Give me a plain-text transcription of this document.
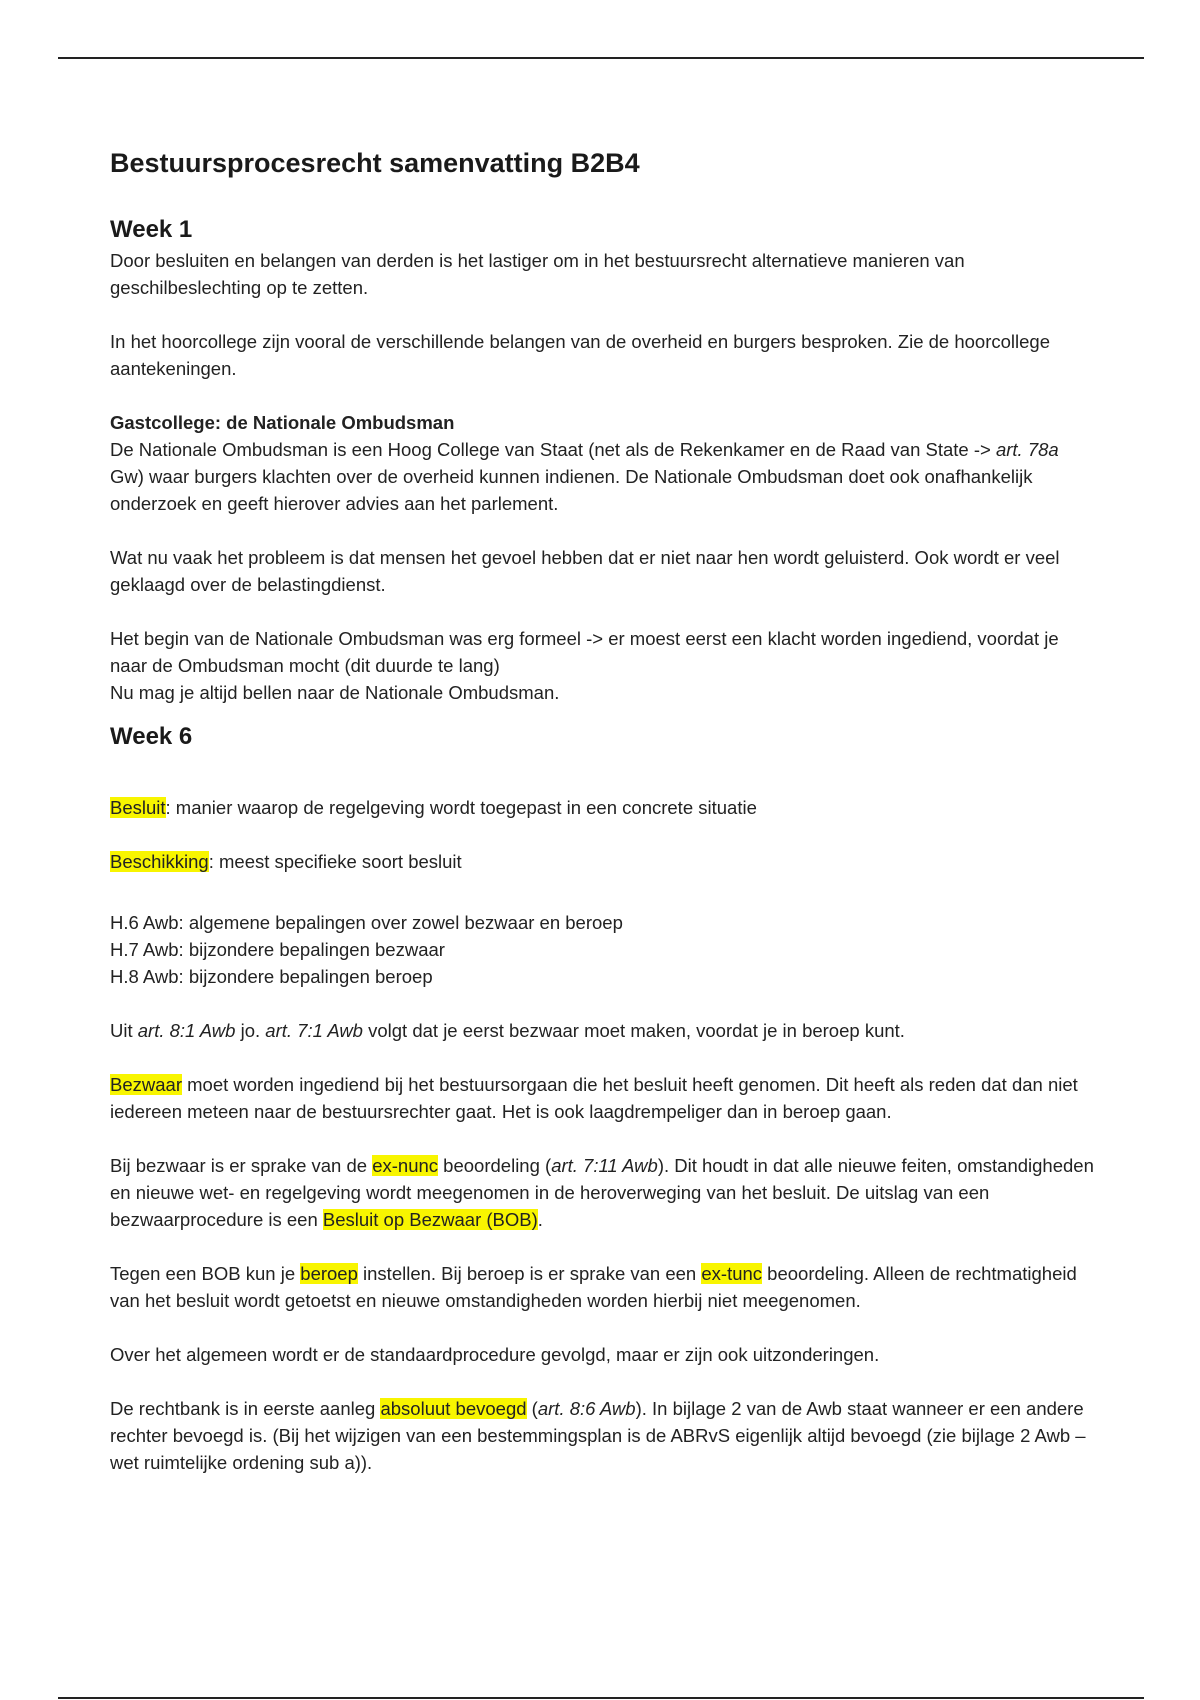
Bestuursprocesrecht samenvatting B2B4
Week 1

Door besluiten en belangen van derden is het lastiger om in het bestuursrecht alternatieve manieren van geschilbeslechting op te zetten.

In het hoorcollege zijn vooral de verschillende belangen van de overheid en burgers besproken. Zie de hoorcollege aantekeningen.

Gastcollege: de Nationale Ombudsman

De Nationale Ombudsman is een Hoog College van Staat (net als de Rekenkamer en de Raad van State -> art. 78a Gw) waar burgers klachten over de overheid kunnen indienen. De Nationale Ombudsman doet ook onafhankelijk onderzoek en geeft hierover advies aan het parlement.

Wat nu vaak het probleem is dat mensen het gevoel hebben dat er niet naar hen wordt geluisterd. Ook wordt er veel geklaagd over de belastingdienst.

Het begin van de Nationale Ombudsman was erg formeel -> er moest eerst een klacht worden ingediend, voordat je naar de Ombudsman mocht (dit duurde te lang)

Nu mag je altijd bellen naar de Nationale Ombudsman.

Week 6

Besluit: manier waarop de regelgeving wordt toegepast in een concrete situatie

Beschikking: meest specifieke soort besluit

H.6 Awb: algemene bepalingen over zowel bezwaar en beroep

H.7 Awb: bijzondere bepalingen bezwaar

H.8 Awb: bijzondere bepalingen beroep

Uit art. 8:1 Awb jo. art. 7:1 Awb volgt dat je eerst bezwaar moet maken, voordat je in beroep kunt.

Bezwaar moet worden ingediend bij het bestuursorgaan die het besluit heeft genomen. Dit heeft als reden dat dan niet iedereen meteen naar de bestuursrechter gaat. Het is ook laagdrempeliger dan in beroep gaan.

Bij bezwaar is er sprake van de ex-nunc beoordeling (art. 7:11 Awb). Dit houdt in dat alle nieuwe feiten, omstandigheden en nieuwe wet- en regelgeving wordt meegenomen in de heroverweging van het besluit. De uitslag van een bezwaarprocedure is een Besluit op Bezwaar (BOB).

Tegen een BOB kun je beroep instellen. Bij beroep is er sprake van een ex-tunc beoordeling. Alleen de rechtmatigheid van het besluit wordt getoetst en nieuwe omstandigheden worden hierbij niet meegenomen.

Over het algemeen wordt er de standaardprocedure gevolgd, maar er zijn ook uitzonderingen.

De rechtbank is in eerste aanleg absoluut bevoegd (art. 8:6 Awb). In bijlage 2 van de Awb staat wanneer er een andere rechter bevoegd is. (Bij het wijzigen van een bestemmingsplan is de ABRvS eigenlijk altijd bevoegd (zie bijlage 2 Awb – wet ruimtelijke ordening sub a)).
